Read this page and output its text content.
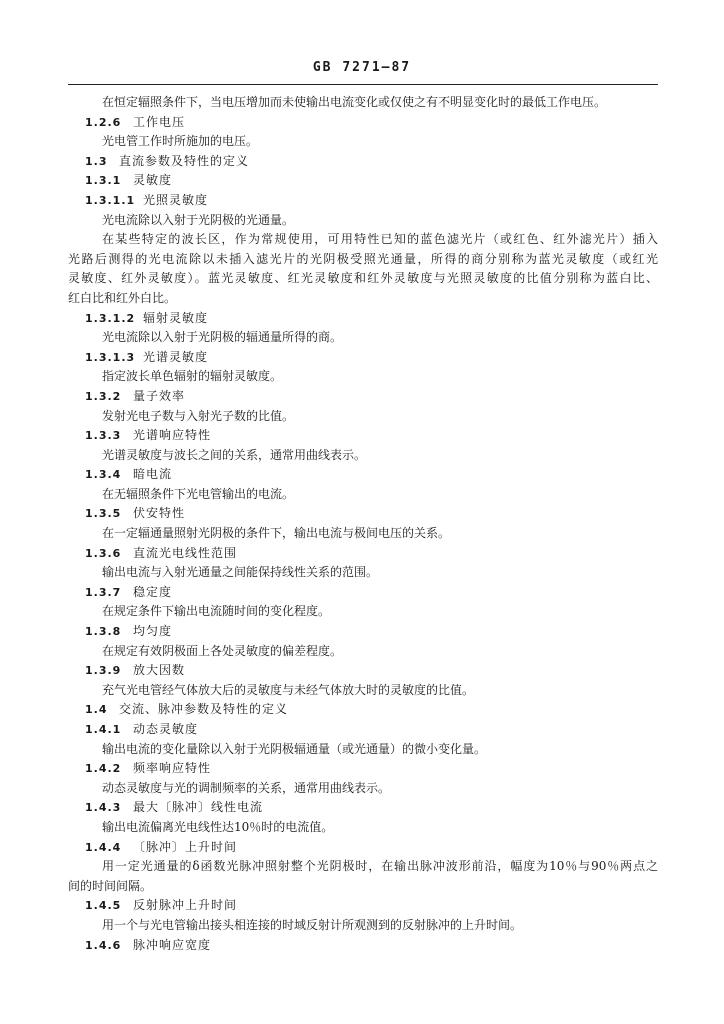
GB 7271—87
在恒定辐照条件下，当电压增加而未使输出电流变化或仅使之有不明显变化时的最低工作电压。
1.2.6 工作电压
光电管工作时所施加的电压。
1.3 直流参数及特性的定义
1.3.1 灵敏度
1.3.1.1 光照灵敏度
光电流除以入射于光阴极的光通量。
在某些特定的波长区，作为常规使用，可用特性已知的蓝色滤光片（或红色、红外滤光片）插入
光路后测得的光电流除以未插入滤光片的光阴极受照光通量，所得的商分别称为蓝光灵敏度（或红光
灵敏度、红外灵敏度）。蓝光灵敏度、红光灵敏度和红外灵敏度与光照灵敏度的比值分别称为蓝白比、
红白比和红外白比。
1.3.1.2 辐射灵敏度
光电流除以入射于光阴极的辐通量所得的商。
1.3.1.3 光谱灵敏度
指定波长单色辐射的辐射灵敏度。
1.3.2 量子效率
发射光电子数与入射光子数的比值。
1.3.3 光谱响应特性
光谱灵敏度与波长之间的关系，通常用曲线表示。
1.3.4 暗电流
在无辐照条件下光电管输出的电流。
1.3.5 伏安特性
在一定辐通量照射光阴极的条件下，输出电流与极间电压的关系。
1.3.6 直流光电线性范围
输出电流与入射光通量之间能保持线性关系的范围。
1.3.7 稳定度
在规定条件下输出电流随时间的变化程度。
1.3.8 均匀度
在规定有效阴极面上各处灵敏度的偏差程度。
1.3.9 放大因数
充气光电管经气体放大后的灵敏度与未经气体放大时的灵敏度的比值。
1.4 交流、脉冲参数及特性的定义
1.4.1 动态灵敏度
输出电流的变化量除以入射于光阴极辐通量（或光通量）的微小变化量。
1.4.2 频率响应特性
动态灵敏度与光的调制频率的关系，通常用曲线表示。
1.4.3 最大〔脉冲〕线性电流
输出电流偏离光电线性达10％时的电流值。
1.4.4 〔脉冲〕上升时间
用一定光通量的δ函数光脉冲照射整个光阴极时，在输出脉冲波形前沿，幅度为10％与90％两点之
间的时间间隔。
1.4.5 反射脉冲上升时间
用一个与光电管输出接头相连接的时域反射计所观测到的反射脉冲的上升时间。
1.4.6 脉冲响应宽度
